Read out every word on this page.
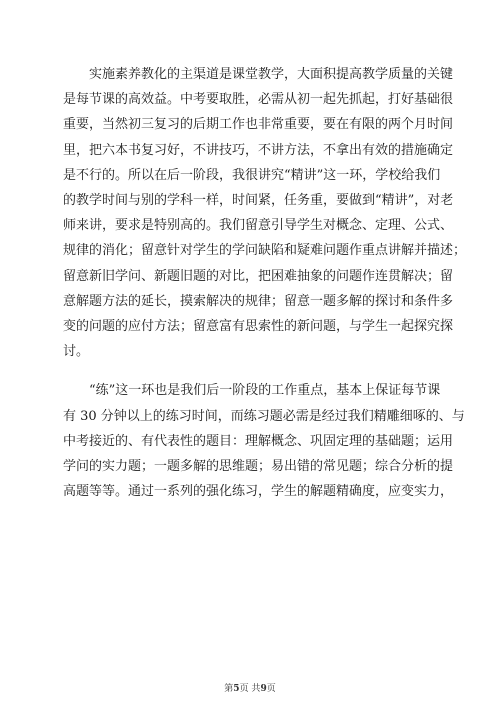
实施素养教化的主渠道是课堂教学，大面积提高教学质量的关键
是每节课的高效益。中考要取胜，必需从初一起先抓起，打好基础很
重要，当然初三复习的后期工作也非常重要，要在有限的两个月时间
里，把六本书复习好，不讲技巧，不讲方法，不拿出有效的措施确定
是不行的。所以在后一阶段，我很讲究“精讲”这一环，学校给我们
的教学时间与别的学科一样，时间紧，任务重，要做到“精讲”，对老
师来讲，要求是特别高的。我们留意引导学生对概念、定理、公式、
规律的消化；留意针对学生的学问缺陷和疑难问题作重点讲解并描述；
留意新旧学问、新题旧题的对比，把困难抽象的问题作连贯解决；留
意解题方法的延长，摸索解决的规律；留意一题多解的探讨和条件多
变的问题的应付方法；留意富有思索性的新问题，与学生一起探究探
讨。

“练”这一环也是我们后一阶段的工作重点，基本上保证每节课
有 30 分钟以上的练习时间，而练习题必需是经过我们精雕细啄的、与
中考接近的、有代表性的题目：理解概念、巩固定理的基础题；运用
学问的实力题；一题多解的思维题；易出错的常见题；综合分析的提
高题等等。通过一系列的强化练习，学生的解题精确度，应变实力，

第5页 共9页
